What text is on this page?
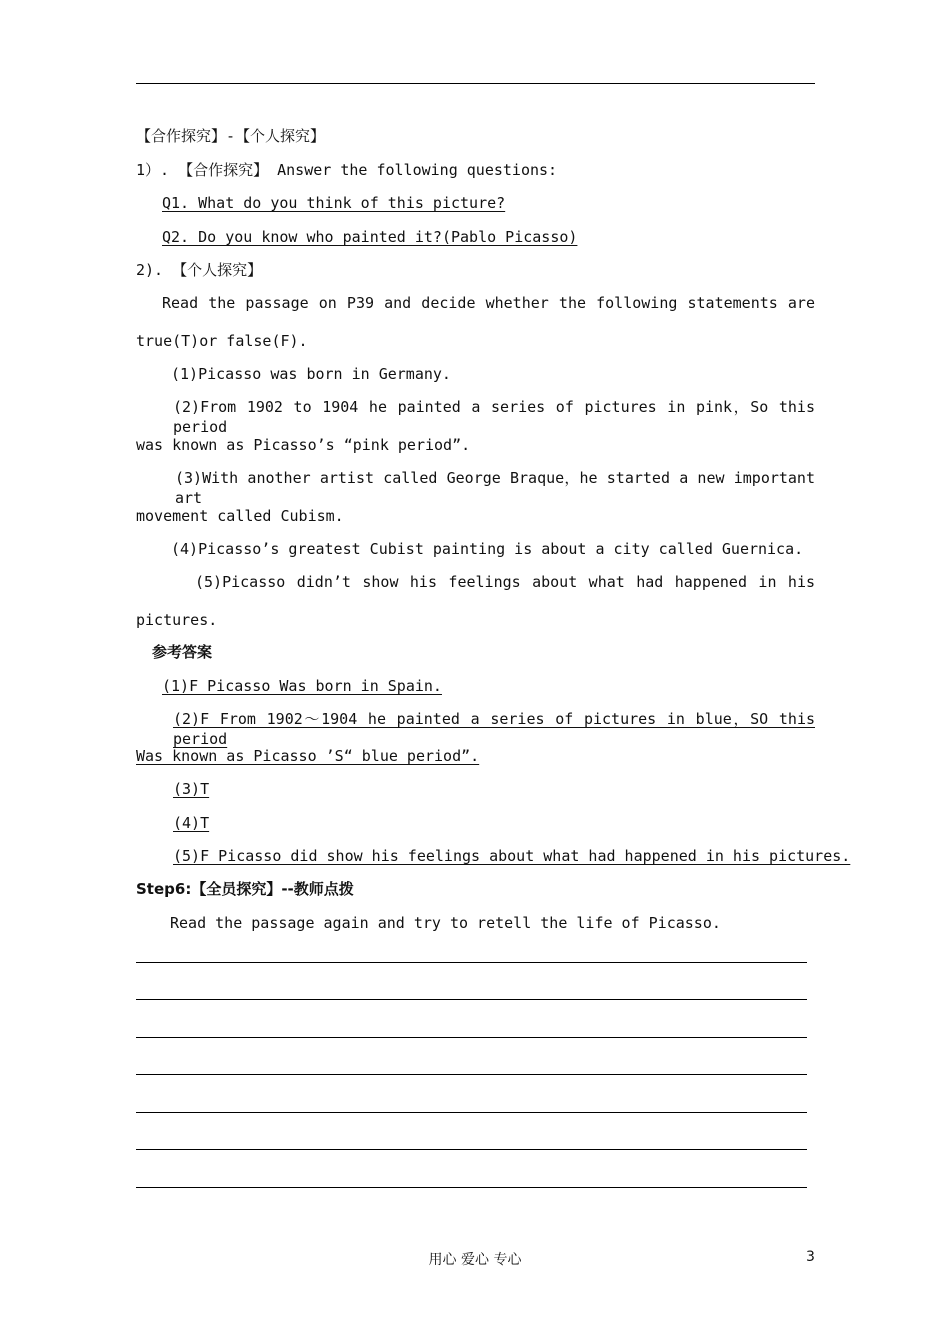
【合作探究】-【个人探究】
1）. 【合作探究】 Answer the following questions:
Q1. What do you think of this picture?
Q2. Do you know who painted it?(Pablo Picasso)
2). 【个人探究】
Read the passage on P39 and decide whether the following statements are
true(T)or false(F).
(1)Picasso was born in Germany.
(2)From 1902 to 1904 he painted a series of pictures in pink，So this period
was known as Picasso’s “pink period”.
(3)With another artist called George Braque，he started a new important art
movement called Cubism.
(4)Picasso’s greatest Cubist painting is about a city called Guernica.
(5)Picasso didn’t show his feelings about what had happened in his
pictures.
参考答案
(1)F Picasso Was born in Spain.
(2)F From 1902～1904 he painted a series of pictures in blue，SO this period
Was known as Picasso ’S“ blue period”.
(3)T
(4)T
(5)F Picasso did show his feelings about what had happened in his pictures.
Step6:【全员探究】--教师点拨
Read the passage again and try to retell the life of Picasso.
用心 爱心 专心	3
